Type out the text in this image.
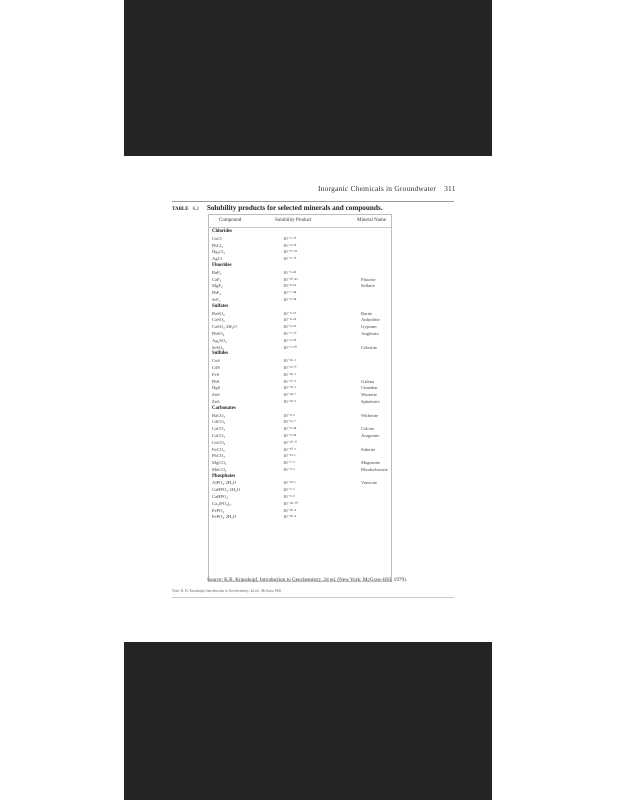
Inorganic Chemicals in Groundwater 311
TABLE 6.2 Solubility products for selected minerals and compounds.
Compound	Solubility Product	Mineral Name
Chlorides
CuCl	10⁻⁶·⁷³
PbCl₂	10⁻⁴·⁷⁸
Hg₂Cl₂	10⁻¹⁷·⁹¹
AgCl	10⁻⁹·⁷⁵
Fluorides
BaF₂	10⁻⁵·⁸²
CaF₂	10⁻¹⁰·⁴¹	Fluorite
MgF₂	10⁻⁸·¹⁸	Sellaite
PbF₂	10⁻⁷·⁴⁴
SrF₂	10⁻⁸·⁵⁴
Sulfates
BaSO₄	10⁻⁹·⁹⁷	Barite
CaSO₄	10⁻⁴·⁶²	Anhydrite
CaSO₄·2H₂O	10⁻⁴·⁶²	Gypsum
PbSO₄	10⁻⁷·⁷⁹	Anglesite
Ag₂SO₄	10⁻⁴·⁹²
SrSO₄	10⁻⁶·⁵⁰	Celestite
Sulfides
CuS	10⁻³⁶·¹
CdS	10⁻²⁷·⁰
FeS	10⁻¹⁸·¹
PbS	10⁻²⁷·⁵	Galena
HgS	10⁻⁵³·³	Cinnabar
ZnS	10⁻²⁴·⁷	Wurtzite
ZnS	10⁻²²·⁵	Sphalerite
Carbonates
BaCO₃	10⁻⁸·³	Witherite
CdCO₃	10⁻¹³·⁷
CaCO₃	10⁻⁸·⁴⁸	Calcite
CaCO₃	10⁻⁸·³⁴	Aragonite
CoCO₃	10⁻¹⁰·⁰
FeCO₃	10⁻¹⁰·⁷	Siderite
PbCO₃	10⁻¹³·¹
MgCO₃	10⁻⁷·⁵	Magnesite
MnCO₃	10⁻⁹·³	Rhodochrosite
Phosphates
AlPO₄·2H₂O	10⁻²²·¹	Variscite
CaHPO₄·2H₂O	10⁻⁶·⁶
CaHPO₄	10⁻⁶·⁹
Ca₃(PO₄)₂	10⁻²⁸·⁷⁰
FePO₄	10⁻²⁶·⁴
FePO₄·2H₂O	10⁻²⁶·⁴
Source: K.B. Krauskopf, Introduction to Geochemistry, 2d ed. (New York: McGraw-Hill, 1979).
Note: K. B. Krauskopf, Introduction to Geochemistry, 2d ed., McGraw-Hill.
